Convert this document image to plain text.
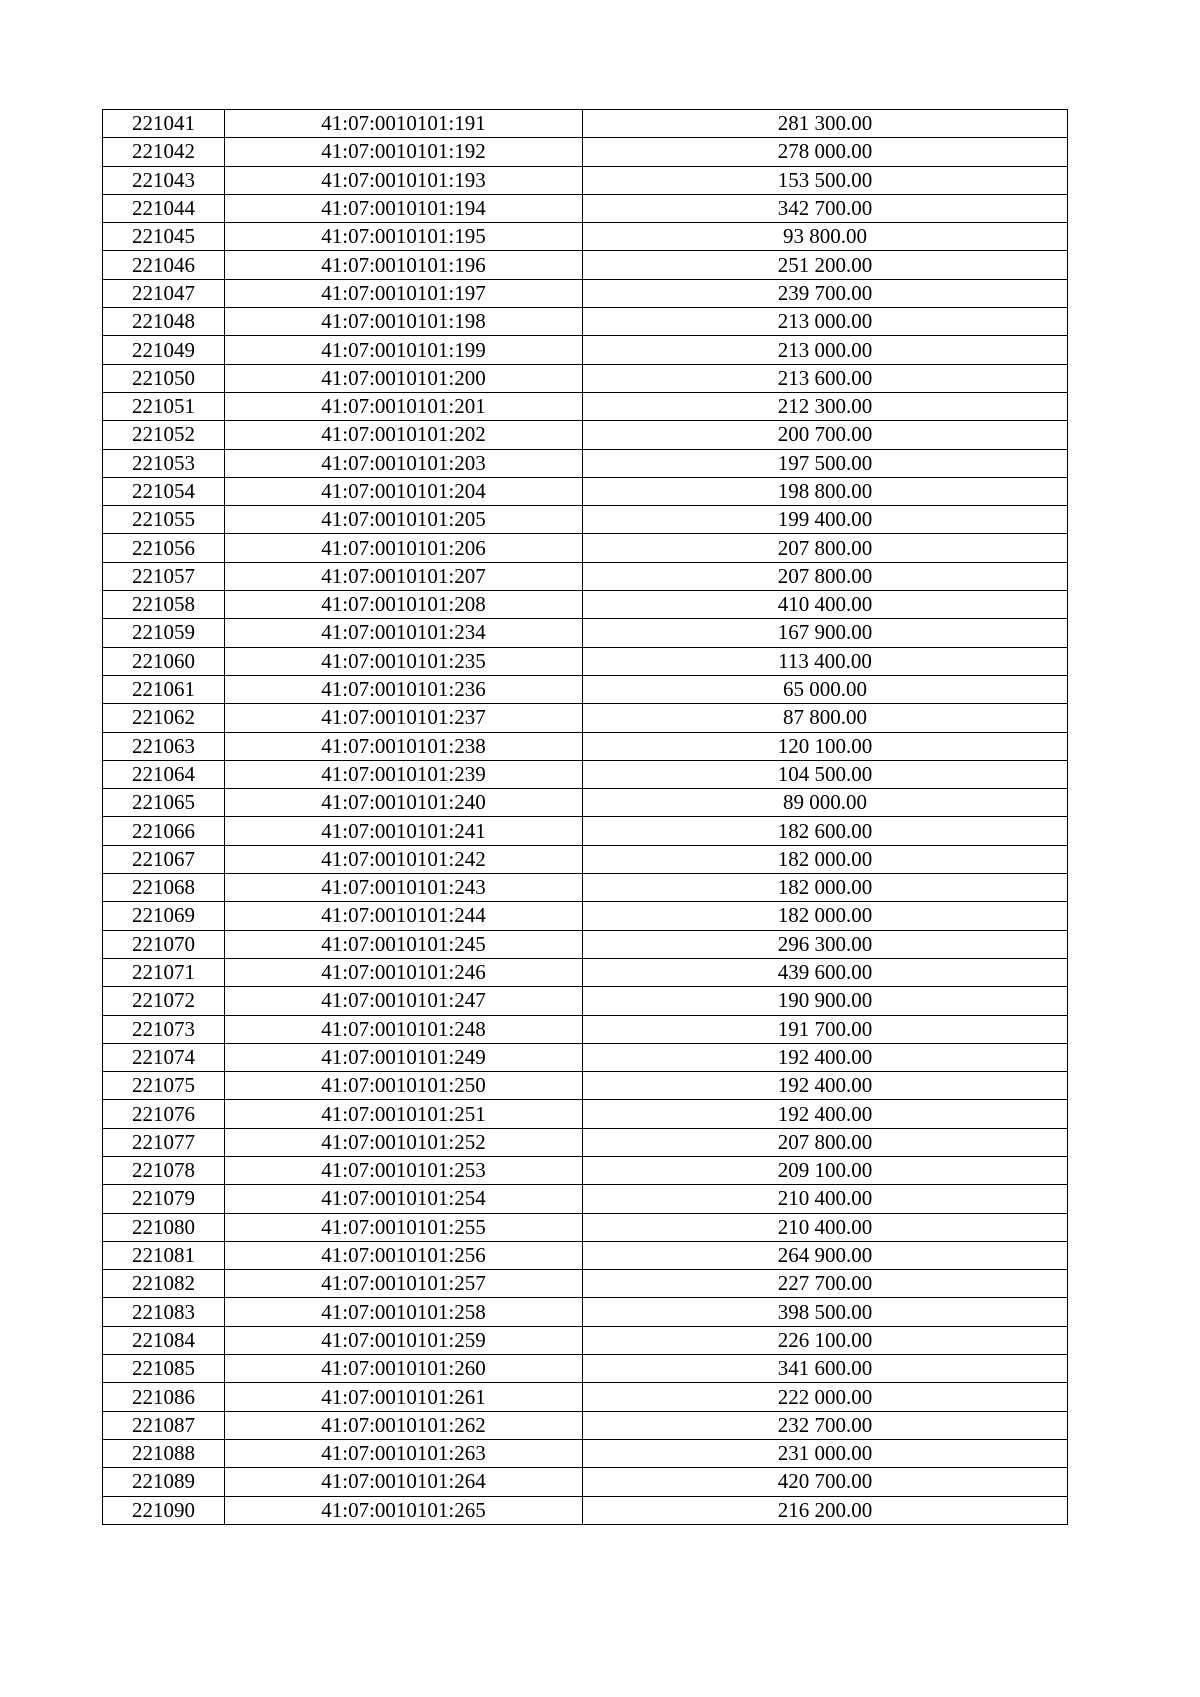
221041	41:07:0010101:191	281 300.00
221042	41:07:0010101:192	278 000.00
221043	41:07:0010101:193	153 500.00
221044	41:07:0010101:194	342 700.00
221045	41:07:0010101:195	93 800.00
221046	41:07:0010101:196	251 200.00
221047	41:07:0010101:197	239 700.00
221048	41:07:0010101:198	213 000.00
221049	41:07:0010101:199	213 000.00
221050	41:07:0010101:200	213 600.00
221051	41:07:0010101:201	212 300.00
221052	41:07:0010101:202	200 700.00
221053	41:07:0010101:203	197 500.00
221054	41:07:0010101:204	198 800.00
221055	41:07:0010101:205	199 400.00
221056	41:07:0010101:206	207 800.00
221057	41:07:0010101:207	207 800.00
221058	41:07:0010101:208	410 400.00
221059	41:07:0010101:234	167 900.00
221060	41:07:0010101:235	113 400.00
221061	41:07:0010101:236	65 000.00
221062	41:07:0010101:237	87 800.00
221063	41:07:0010101:238	120 100.00
221064	41:07:0010101:239	104 500.00
221065	41:07:0010101:240	89 000.00
221066	41:07:0010101:241	182 600.00
221067	41:07:0010101:242	182 000.00
221068	41:07:0010101:243	182 000.00
221069	41:07:0010101:244	182 000.00
221070	41:07:0010101:245	296 300.00
221071	41:07:0010101:246	439 600.00
221072	41:07:0010101:247	190 900.00
221073	41:07:0010101:248	191 700.00
221074	41:07:0010101:249	192 400.00
221075	41:07:0010101:250	192 400.00
221076	41:07:0010101:251	192 400.00
221077	41:07:0010101:252	207 800.00
221078	41:07:0010101:253	209 100.00
221079	41:07:0010101:254	210 400.00
221080	41:07:0010101:255	210 400.00
221081	41:07:0010101:256	264 900.00
221082	41:07:0010101:257	227 700.00
221083	41:07:0010101:258	398 500.00
221084	41:07:0010101:259	226 100.00
221085	41:07:0010101:260	341 600.00
221086	41:07:0010101:261	222 000.00
221087	41:07:0010101:262	232 700.00
221088	41:07:0010101:263	231 000.00
221089	41:07:0010101:264	420 700.00
221090	41:07:0010101:265	216 200.00
